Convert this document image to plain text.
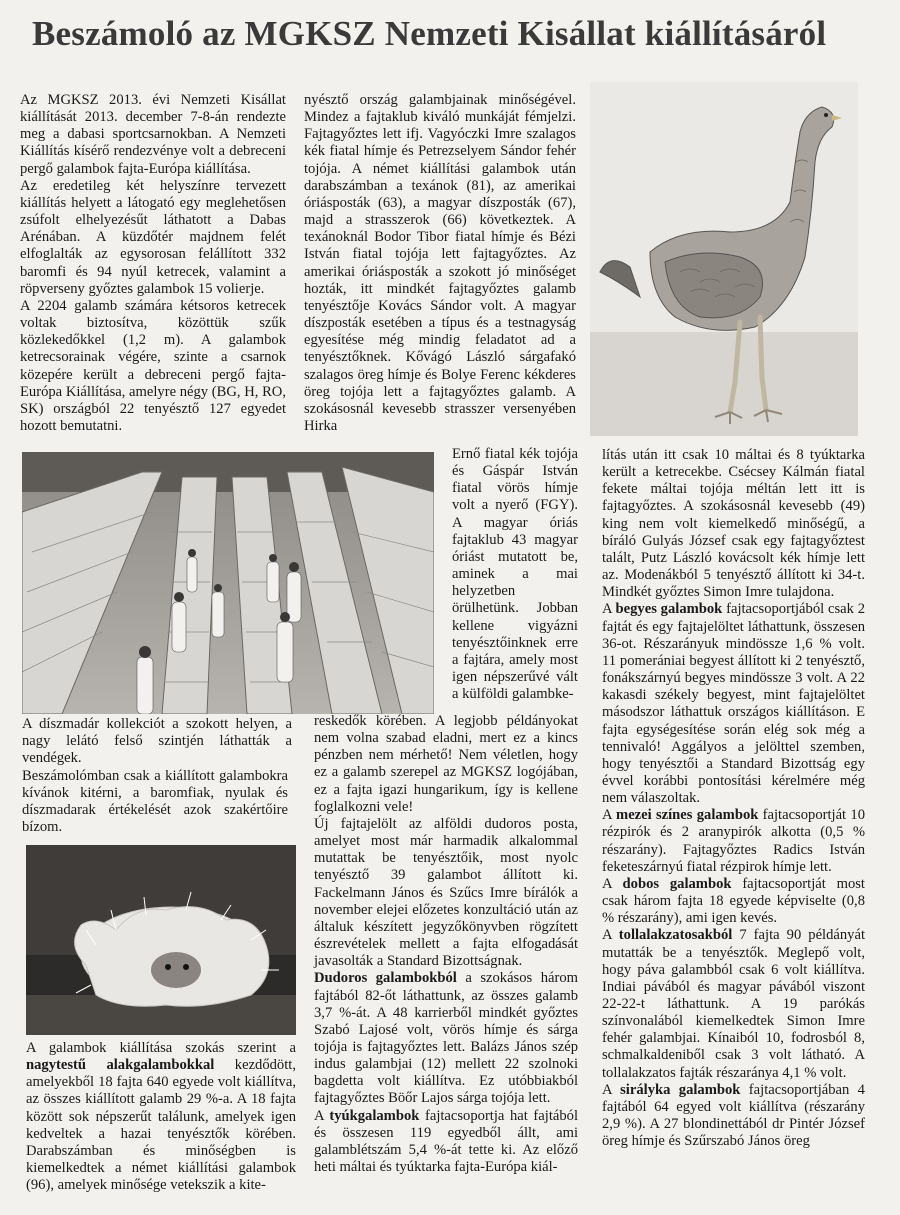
Beszámoló az MGKSZ Nemzeti Kisállat kiállításáról

Az MGKSZ 2013. évi Nemzeti Kisállat kiállítását 2013. december 7-8-án rendezte meg a dabasi sportcsarnokban. A Nemzeti Kiállítás kísérő rendezvénye volt a debreceni pergő galambok fajta-Európa kiállítása.

Az eredetileg két helyszínre tervezett kiállítás helyett a látogató egy meglehetősen zsúfolt elhelyezésűt láthatott a Dabas Arénában. A küzdőtér majdnem felét elfoglalták az egysorosan felállított 332 baromfi és 94 nyúl ketrecek, valamint a röpverseny győztes galambok 15 volierje.

A 2204 galamb számára kétsoros ketrecek voltak biztosítva, közöttük szűk közlekedőkkel (1,2 m). A galambok ketrecsorainak végére, szinte a csarnok közepére került a debreceni pergő fajta-Európa Kiállítása, amelyre négy (BG, H, RO, SK) országból 22 tenyésztő 127 egyedet hozott bemutatni.

A díszmadár kollekciót a szokott helyen, a nagy lelátó felső szintjén láthatták a vendégek.

Beszámolómban csak a kiállított galambokra kívánok kitérni, a baromfiak, nyulak és díszmadarak értékelését azok szakértőire bízom.

A galambok kiállítása szokás szerint a nagytestű alakgalambokkal kezdődött, amelyekből 18 fajta 640 egyede volt kiállítva, az összes kiállított galamb 29 %-a. A 18 fajta között sok népszerűt találunk, amelyek igen kedveltek a hazai tenyésztők körében. Darabszámban és minőségben is kiemelkedtek a német kiállítási galambok (96), amelyek minősége vetekszik a kite-

nyésztő ország galambjainak minőségével. Mindez a fajtaklub kiváló munkáját fémjelzi. Fajtagyőztes lett ifj. Vagyóczki Imre szalagos kék fiatal hímje és Petrezselyem Sándor fehér tojója. A német kiállítási galambok után darabszámban a texánok (81), az amerikai óriásposták (63), a magyar díszposták (67), majd a strasszerok (66) következtek. A texánoknál Bodor Tibor fiatal hímje és Bézi István fiatal tojója lett fajtagyőztes. Az amerikai óriásposták a szokott jó minőséget hozták, itt mindkét fajtagyőztes galamb tenyésztője Kovács Sándor volt. A magyar díszposták esetében a típus és a testnagyság egyesítése még mindig feladatot ad a tenyésztőknek. Kővágó László sárgafakó szalagos öreg hímje és Bolye Ferenc kékderes öreg tojója lett a fajtagyőztes galamb. A szokásosnál kevesebb strasszer versenyében Hirka

Ernő fiatal kék tojója és Gáspár István fiatal vörös hímje volt a nyerő (FGY). A magyar óriás fajtaklub 43 magyar óriást mutatott be, aminek a mai helyzetben örülhetünk. Jobban kellene vigyázni tenyésztőinknek erre a fajtára, amely most igen népszerűvé vált a külföldi galambke-

reskedők körében. A legjobb példányokat nem volna szabad eladni, mert ez a kincs pénzben nem mérhető! Nem véletlen, hogy ez a galamb szerepel az MGKSZ logójában, ez a fajta igazi hungarikum, így is kellene foglalkozni vele!

Új fajtajelölt az alföldi dudoros posta, amelyet most már harmadik alkalommal mutattak be tenyésztőik, most nyolc tenyésztő 39 galambot állított ki. Fackelmann János és Szűcs Imre bírálók a november elejei előzetes konzultáció után az általuk készített jegyzőkönyvben rögzített észrevételek mellett a fajta elfogadását javasolták a Standard Bizottságnak.

Dudoros galambokból a szokásos három fajtából 82-őt láthattunk, az összes galamb 3,7 %-át. A 48 karrierből mindkét győztes Szabó Lajosé volt, vörös hímje és sárga tojója is fajtagyőztes lett. Balázs János szép indus galambjai (12) mellett 22 szolnoki bagdetta volt kiállítva. Ez utóbbiakból fajtagyőztes Böőr Lajos sárga tojója lett.

A tyúkgalambok fajtacsoportja hat fajtából és összesen 119 egyedből állt, ami galamblétszám 5,4 %-át tette ki. Az előző heti máltai és tyúktarka fajta-Európa kiál-

lítás után itt csak 10 máltai és 8 tyúktarka került a ketrecekbe. Csécsey Kálmán fiatal fekete máltai tojója méltán lett itt is fajtagyőztes. A szokásosnál kevesebb (49) king nem volt kiemelkedő minőségű, a bíráló Gulyás József csak egy fajtagyőztest talált, Putz László kovácsolt kék hímje lett az. Modenákból 5 tenyésztő állított ki 34-t. Mindkét győztes Simon Imre tulajdona.

A begyes galambok fajtacsoportjából csak 2 fajtát és egy fajtajelöltet láthattunk, összesen 36-ot. Részarányuk mindössze 1,6 % volt. 11 pomerániai begyest állított ki 2 tenyésztő, fonákszárnyú begyes mindössze 3 volt. A 22 kakasdi székely begyest, mint fajtajelöltet másodszor láthattuk országos kiállításon. E fajta egységesítése során elég sok még a tennivaló! Aggályos a jelölttel szemben, hogy tenyésztői a Standard Bizottság egy évvel korábbi pontosítási kérelmére még nem válaszoltak.

A mezei színes galambok fajtacsoportját 10 rézpirók és 2 aranypirók alkotta (0,5 % részarány). Fajtagyőztes Radics István feketeszárnyú fiatal rézpirok hímje lett.

A dobos galambok fajtacsoportját most csak három fajta 18 egyede képviselte (0,8 % részarány), ami igen kevés.

A tollalakzatosakból 7 fajta 90 példányát mutatták be a tenyésztők. Meglepő volt, hogy páva galambból csak 6 volt kiállítva. Indiai pávából és magyar pávából viszont 22-22-t láthattunk. A 19 parókás színvonalából kiemelkedtek Simon Imre fehér galambjai. Kínaiból 10, fodrosból 8, schmalkaldeniből csak 3 volt látható. A tollalakzatos fajták részaránya 4,1 % volt.

A sirályka galambok fajtacsoportjában 4 fajtából 64 egyed volt kiállítva (részarány 2,9 %). A 27 blondinettából dr Pintér József öreg hímje és Szűrszabó János öreg
